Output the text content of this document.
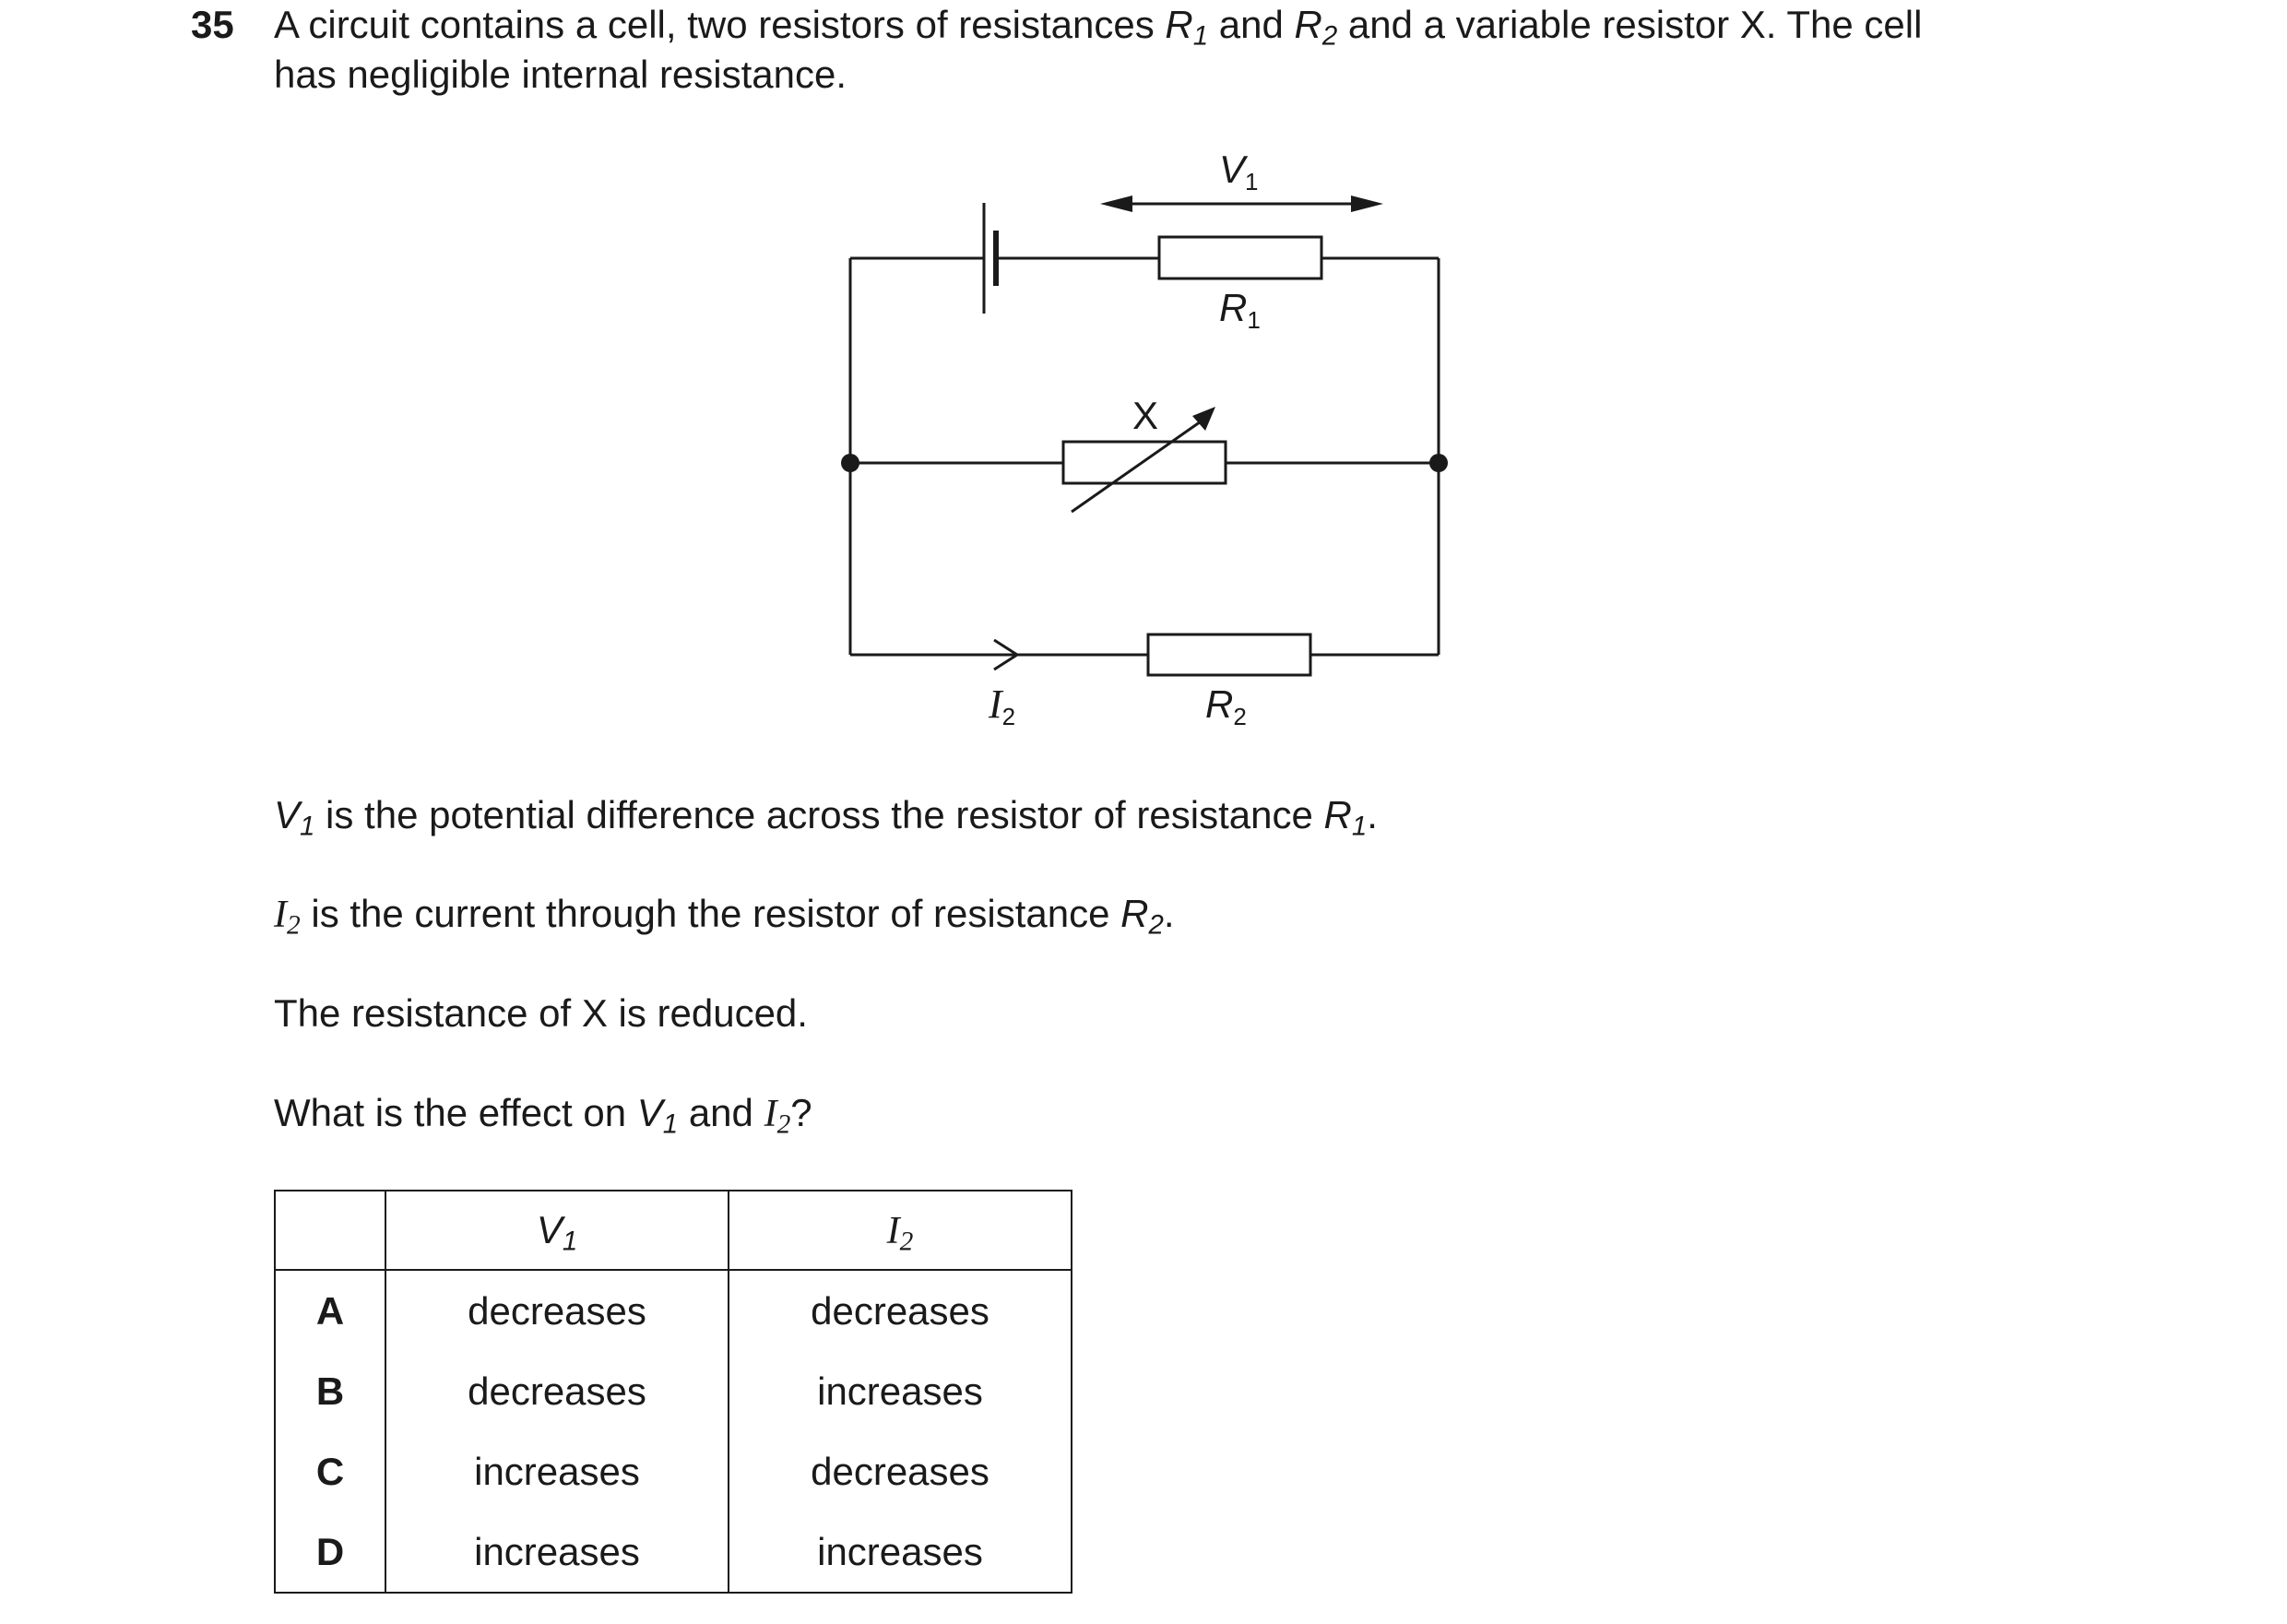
35 A circuit contains a cell, two resistors of resistances $R_1$ and $R_2$ and a variable resistor X. The cell

has negligible internal resistance.

V1
R1
X
I2	R2

$V_1$ is the potential difference across the resistor of resistance $R_1$.

$I_2$ is the current through the resistor of resistance $R_2$.

The resistance of X is reduced.

What is the effect on $V_1$ and $I_2$?

	$V_1$	$I_2$
A	decreases	decreases
B	decreases	increases
C	increases	decreases
D	increases	increases
